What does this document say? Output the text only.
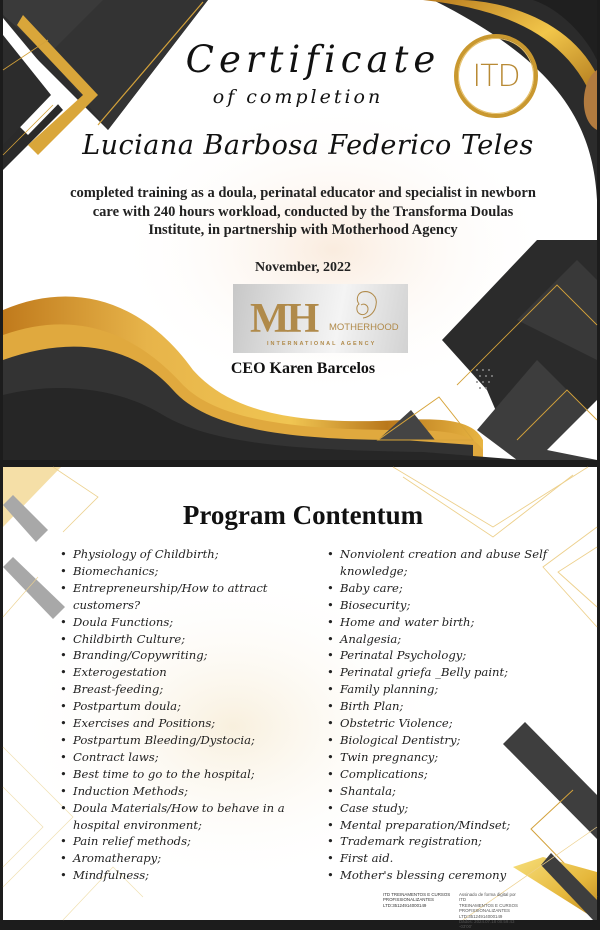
ITD
Certificate
of completion
Luciana Barbosa Federico Teles
completed training as a doula, perinatal educator and specialist in newborn care with 240 hours workload, conducted by the Transforma Doulas Institute, in partnership with Motherhood Agency
November, 2022
MH MOTHERHOOD
INTERNATIONAL AGENCY
CEO Karen Barcelos
Program Contentum
• Physiology of Childbirth;
• Biomechanics;
• Entrepreneurship/How to attract customers?
• Doula Functions;
• Childbirth Culture;
• Branding/Copywriting;
• Exterogestation
• Breast-feeding;
• Postpartum doula;
• Exercises and Positions;
• Postpartum Bleeding/Dystocia;
• Contract laws;
• Best time to go to the hospital;
• Induction Methods;
• Doula Materials/How to behave in a hospital environment;
• Pain relief methods;
• Aromatherapy;
• Mindfulness;
• Nonviolent creation and abuse Self knowledge;
• Baby care;
• Biosecurity;
• Home and water birth;
• Analgesia;
• Perinatal Psychology;
• Perinatal griefa _Belly paint;
• Family planning;
• Birth Plan;
• Obstetric Violence;
• Biological Dentistry;
• Twin pregnancy;
• Complications;
• Shantala;
• Case study;
• Mental preparation/Mindset;
• Trademark registration;
• First aid.
• Mother's blessing ceremony
ITD TREINAMENTOS E CURSOS
PROFISSIONALIZANTES
LTD:35124914000149
Assinado de forma digital por ITD
TREINAMENTOS E CURSOS
PROFISSIONALIZANTES LTD:35124914000149
Dados: 2024.07.18 00:59:43 -03'00'
